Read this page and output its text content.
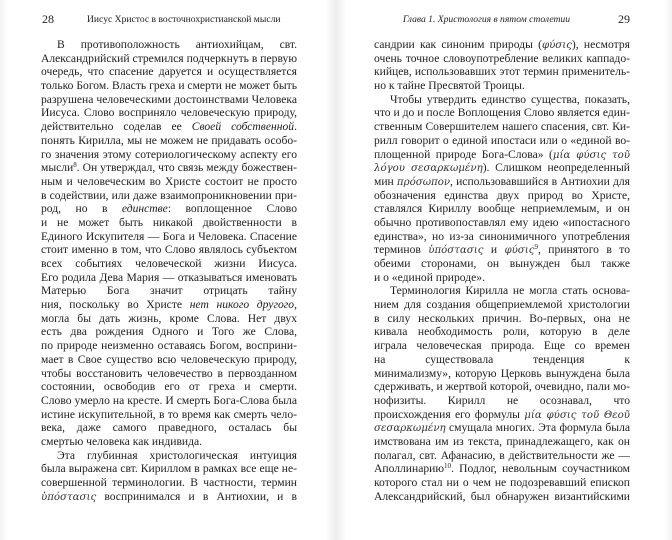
28	Иисус Христос в восточнохристианской мысли
В противоположность антиохийцам, свт.
Александрийский стремился подчеркнуть в первую
очередь, что спасение даруется и осуществляется
только Богом. Власть греха и смерти не может быть
разрушена человеческими достоинствами Человека
Иисуса. Слово восприняло человеческую природу,
действительно соделав ее Своей собственной.
понять Кирилла, мы не можем не придавать особо-
го значения этому сотериологическому аспекту его
мысли$^8$. Он утверждал, что связь между божествен-
ным и человеческим во Христе состоит не просто
в содействии, или даже взаимопроникновении при-
род, но в единстве: воплощенное Слово
и не может быть никакой двойственности в
Единого Искупителя — Бога и Человека. Спасение
стоит именно в том, что Слово являлось субъектом
всех событиях человеческой жизни Иисуса.
Его родила Дева Мария — отказываться именовать
Матерью Бога значит отрицать тайну
ния, поскольку во Христе нет никого другого,
могла бы дать жизнь, кроме Слова. Нет двух
есть два рождения Одного и Того же Слова,
по природе неизменно оставаясь Богом, восприни-
мает в Свое существо всю человеческую природу,
чтобы восстановить человечество в первозданном
состоянии, освободив его от греха и смерти.
Слово умерло на кресте. И смерть Бога-Слова была
истине искупительной, в то время как смерть чело-
века, даже самого праведного, осталась бы
смертью человека как индивида.
Эта глубинная христологическая интуиция
была выражена свт. Кириллом в рамках все еще не-
совершенной терминологии. В частности, термин
ὑπόστασις воспринимался и в Антиохии, и в
Глава 1. Христология в пятом столетии	29
сандрии как синоним природы (φύσις), несмотря
очень точное словоупотребление великих каппадо-
кийцев, использовавших этот термин применитель-
но к тайне Пресвятой Троицы.
Чтобы утвердить единство существа, показать,
что и до и после Воплощения Слово является един-
ственным Совершителем нашего спасения, свт. Ки-
рилл говорит о единой ипостаси или о «единой во-
площенной природе Бога-Слова» (μία φύσις τοῦ
λόγου σεσαρκωμένη). Слишком неопределенный
мин πρόσωπον, использовавшийся в Антиохии для
обозначения единства двух природ во Христе,
ставлялся Кириллу вообще неприемлемым, и он
обычно противопоставлял ему идею «ипостасного
единства», но из-за синонимичного употребления
терминов ὑπόστασις и φύσις$^9$, принятого в то
обеими сторонами, он вынужден был также
и о «единой природе».
Терминология Кирилла не могла стать основа-
нием для создания общеприемлемой христологии
в силу нескольких причин. Во-первых, она не
кивала необходимость роли, которую в деле
играла человеческая природа. Еще со времен
на существовала тенденция к
минимализму», которую Церковь вынуждена была
сдерживать, и жертвой которой, очевидно, пали мо-
нофизиты. Кирилл не осознавал, что
происхождения его формулы μία φύσις τοῦ Θεοῦ
σεσαρκωμένη смущала многих. Эта формула была
имствована им из текста, принадлежащего, как он
полагал, свт. Афанасию, в действительности же —
Аполлинарию$^{10}$. Подлог, невольным соучастником
которого стал ни о чем не подозревавший епископ
Александрийский, был обнаружен византийскими
